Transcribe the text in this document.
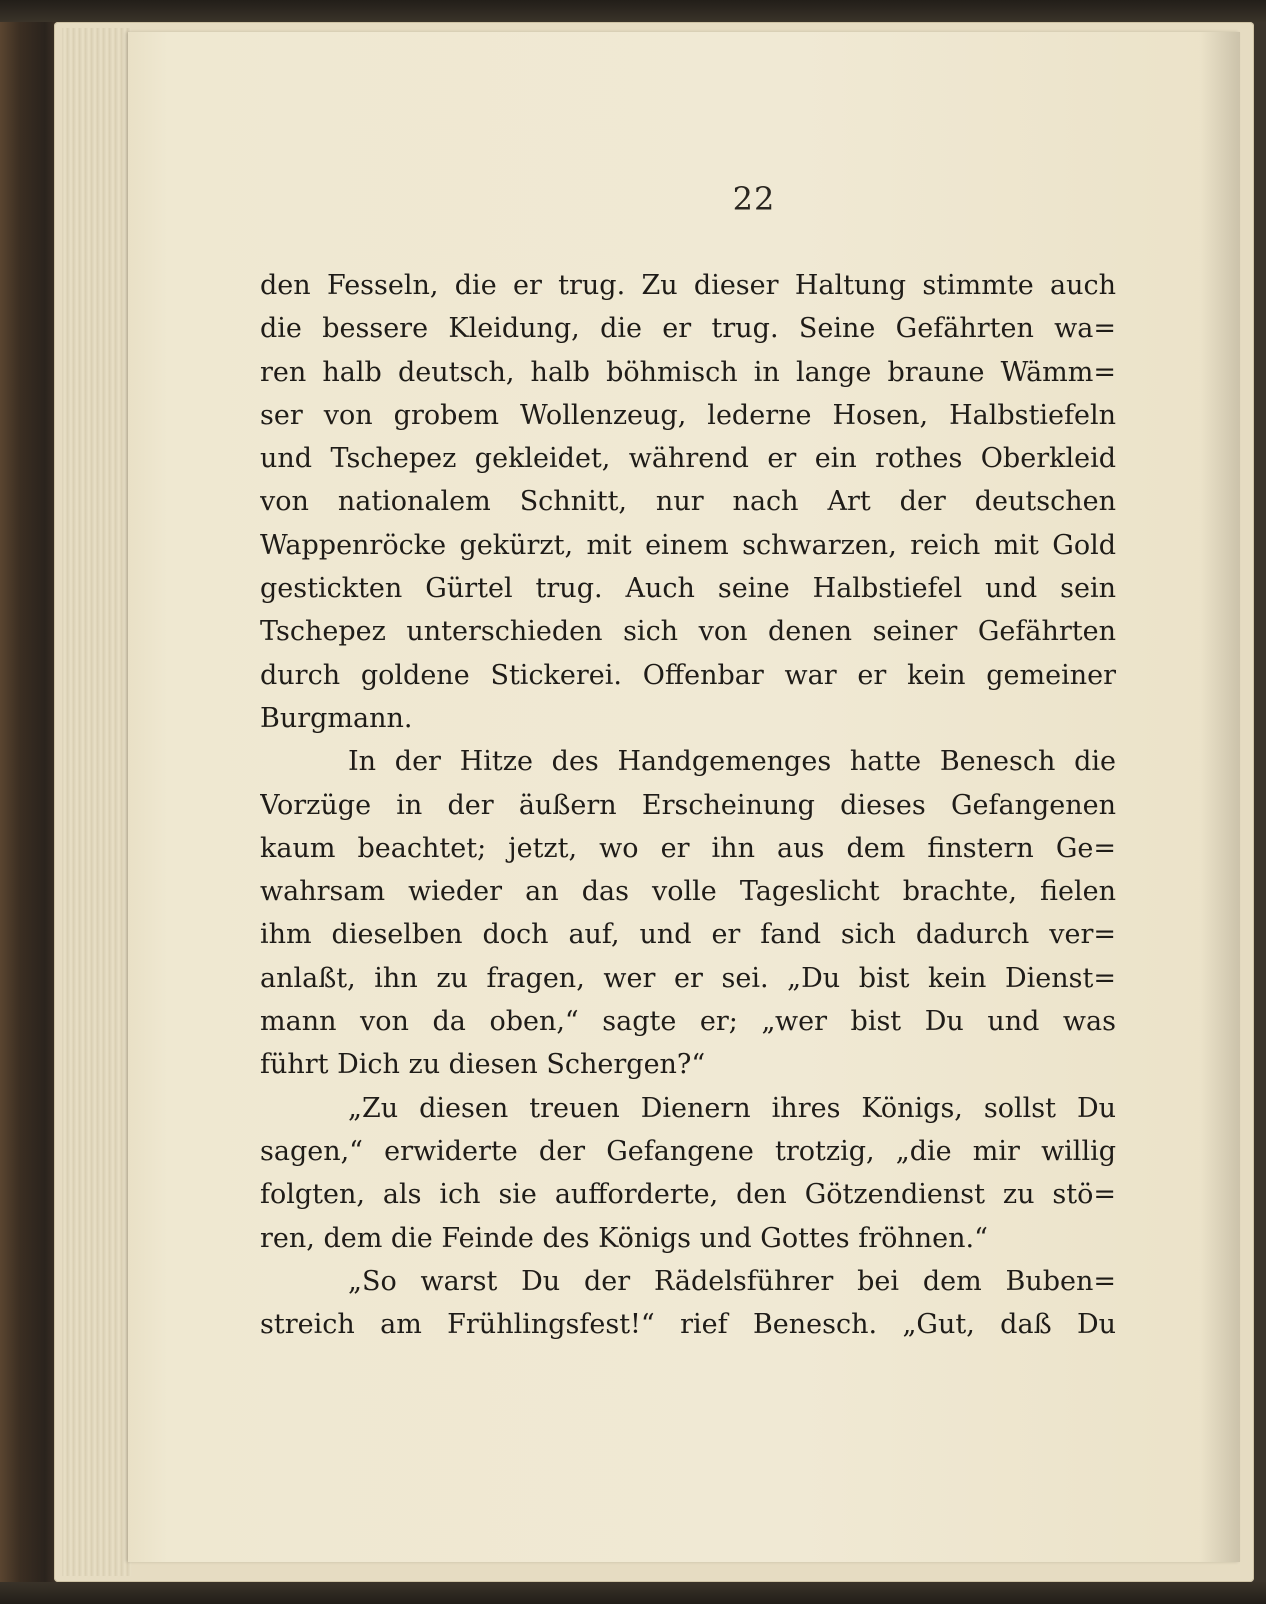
22
den Fesseln, die er trug. Zu dieser Haltung stimmte auch
die bessere Kleidung, die er trug. Seine Gefährten wa=
ren halb deutsch, halb böhmisch in lange braune Wämm=
ser von grobem Wollenzeug, lederne Hosen, Halbstiefeln
und Tschepez gekleidet, während er ein rothes Oberkleid
von nationalem Schnitt, nur nach Art der deutschen
Wappenröcke gekürzt, mit einem schwarzen, reich mit Gold
gestickten Gürtel trug. Auch seine Halbstiefel und sein
Tschepez unterschieden sich von denen seiner Gefährten
durch goldene Stickerei. Offenbar war er kein gemeiner
Burgmann.
In der Hitze des Handgemenges hatte Benesch die
Vorzüge in der äußern Erscheinung dieses Gefangenen
kaum beachtet; jetzt, wo er ihn aus dem finstern Ge=
wahrsam wieder an das volle Tageslicht brachte, fielen
ihm dieselben doch auf, und er fand sich dadurch ver=
anlaßt, ihn zu fragen, wer er sei. „Du bist kein Dienst=
mann von da oben,“ sagte er; „wer bist Du und was
führt Dich zu diesen Schergen?“
„Zu diesen treuen Dienern ihres Königs, sollst Du
sagen,“ erwiderte der Gefangene trotzig, „die mir willig
folgten, als ich sie aufforderte, den Götzendienst zu stö=
ren, dem die Feinde des Königs und Gottes fröhnen.“
„So warst Du der Rädelsführer bei dem Buben=
streich am Frühlingsfest!“ rief Benesch. „Gut, daß Du
